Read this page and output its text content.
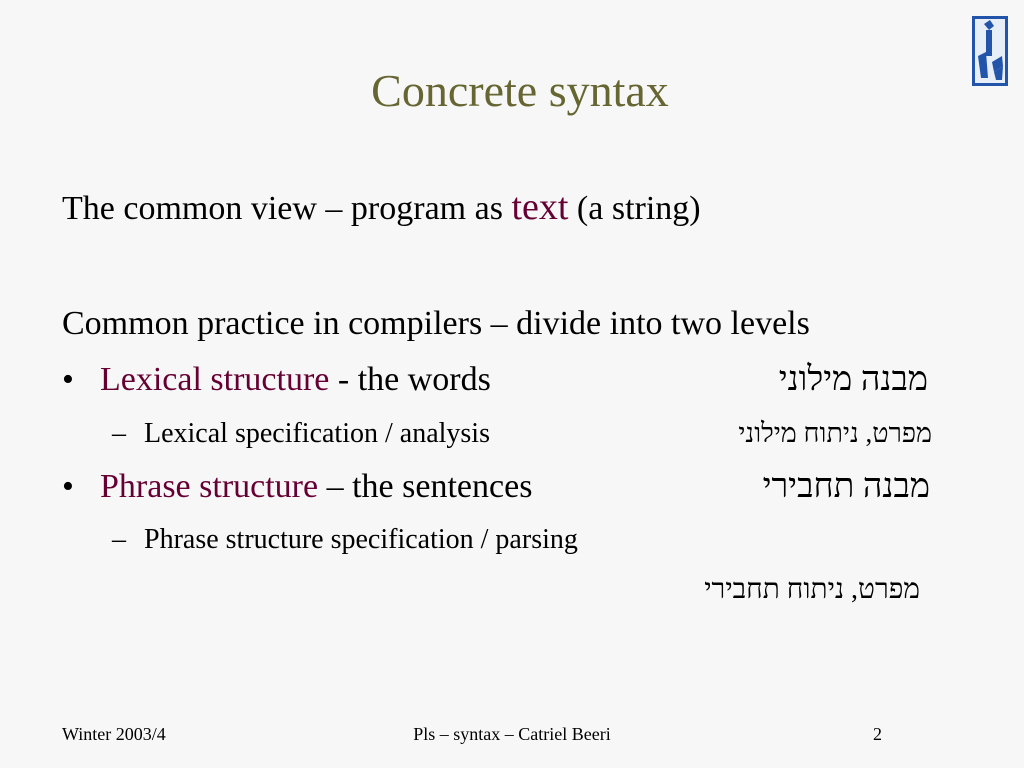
Concrete syntax
The common view – program as text (a string)
Common practice in compilers – divide into two levels
• Lexical structure - the words	מבנה מילוני
– Lexical specification / analysis	מפרט, ניתוח מילוני
• Phrase structure – the sentences	מבנה תחבירי
– Phrase structure specification / parsing
מפרט, ניתוח תחבירי
Winter 2003/4	Pls – syntax – Catriel Beeri	2
